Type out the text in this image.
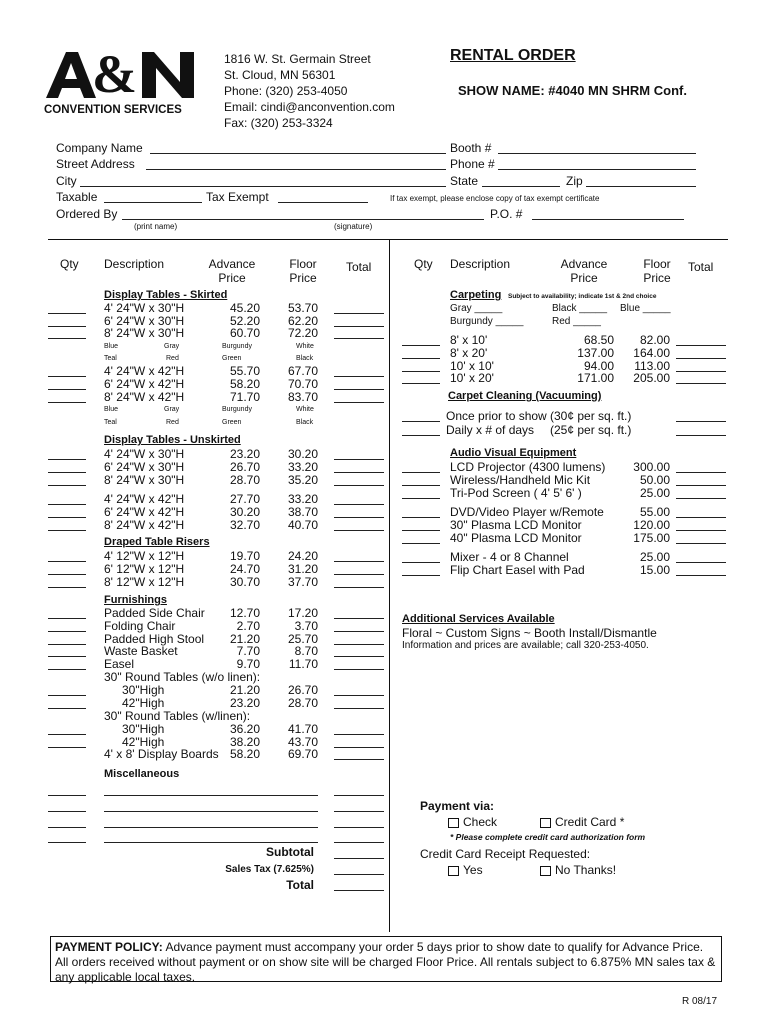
&
CONVENTION SERVICES
1816 W. St. Germain Street
St. Cloud, MN 56301
Phone: (320) 253-4050
Email: cindi@anconvention.com
Fax: (320) 253-3324
RENTAL ORDER
SHOW NAME: #4040 MN SHRM Conf.
Company Name
Street Address
City
Taxable	Tax Exempt
Ordered By
(print name)	(signature)
Booth #
Phone #
State	Zip
If tax exempt, please enclose copy of tax exempt certificate
P.O. #
Qty Description	Advance
Price
Floor
Price
Total	Qty Description	Advance
Price
Floor
Price
Total
Display Tables - Skirted
4' 24"W x 30"H	45.20	53.70
6' 24"W x 30"H	52.20	62.20
8' 24"W x 30"H	60.70	72.20
Blue	Gray	Burgundy	White
Teal	Red	Green	Black
4' 24"W x 42"H	55.70	67.70
6' 24"W x 42"H	58.20	70.70
8' 24"W x 42"H	71.70	83.70
Blue	Gray	Burgundy	White
Teal	Red	Green	Black
Display Tables - Unskirted
4' 24"W x 30"H	23.20	30.20
6' 24"W x 30"H	26.70	33.20
8' 24"W x 30"H	28.70	35.20
4' 24"W x 42"H	27.70	33.20
6' 24"W x 42"H	30.20	38.70
8' 24"W x 42"H	32.70	40.70
Draped Table Risers
4' 12"W x 12"H	19.70	24.20
6' 12"W x 12"H	24.70	31.20
8' 12"W x 12"H	30.70	37.70
Furnishings
Padded Side Chair	12.70	17.20
Folding Chair	2.70	3.70
Padded High Stool	21.20	25.70
Waste Basket	7.70	8.70
Easel	9.70	11.70
30" Round Tables (w/o linen):
30"High	21.20	26.70
42"High	23.20	28.70
30" Round Tables (w/linen):
30"High	36.20	41.70
42"High	38.20	43.70
4' x 8' Display Boards 58.20	69.70
Miscellaneous
Subtotal
Sales Tax (7.625%)
Total
Carpeting Subject to availability; indicate 1st & 2nd choice
Gray _____	Black _____ Blue _____
Burgundy _____	Red _____
8' x 10'	68.50	82.00
8' x 20'	137.00	164.00
10' x 10'	94.00	113.00
10' x 20'	171.00	205.00
Carpet Cleaning (Vacuuming)
Once prior to show (30¢ per sq. ft.)
Daily x # of days (25¢ per sq. ft.)
Audio Visual Equipment
LCD Projector (4300 lumens)	300.00
Wireless/Handheld Mic Kit	50.00
Tri-Pod Screen ( 4' 5' 6' )	25.00
DVD/Video Player w/Remote	55.00
30" Plasma LCD Monitor	120.00
40" Plasma LCD Monitor	175.00
Mixer - 4 or 8 Channel	25.00
Flip Chart Easel with Pad	15.00
Additional Services Available
Floral ~ Custom Signs ~ Booth Install/Dismantle
Information and prices are available; call 320-253-4050.
Payment via:
Check	Credit Card *
* Please complete credit card authorization form
Credit Card Receipt Requested:
Yes	No Thanks!
PAYMENT POLICY: Advance payment must accompany your order 5 days prior to show date to qualify for Advance Price. All orders received without payment or on show site will be charged Floor Price. All rentals subject to 6.875% MN sales tax & any applicable local taxes.
R 08/17
